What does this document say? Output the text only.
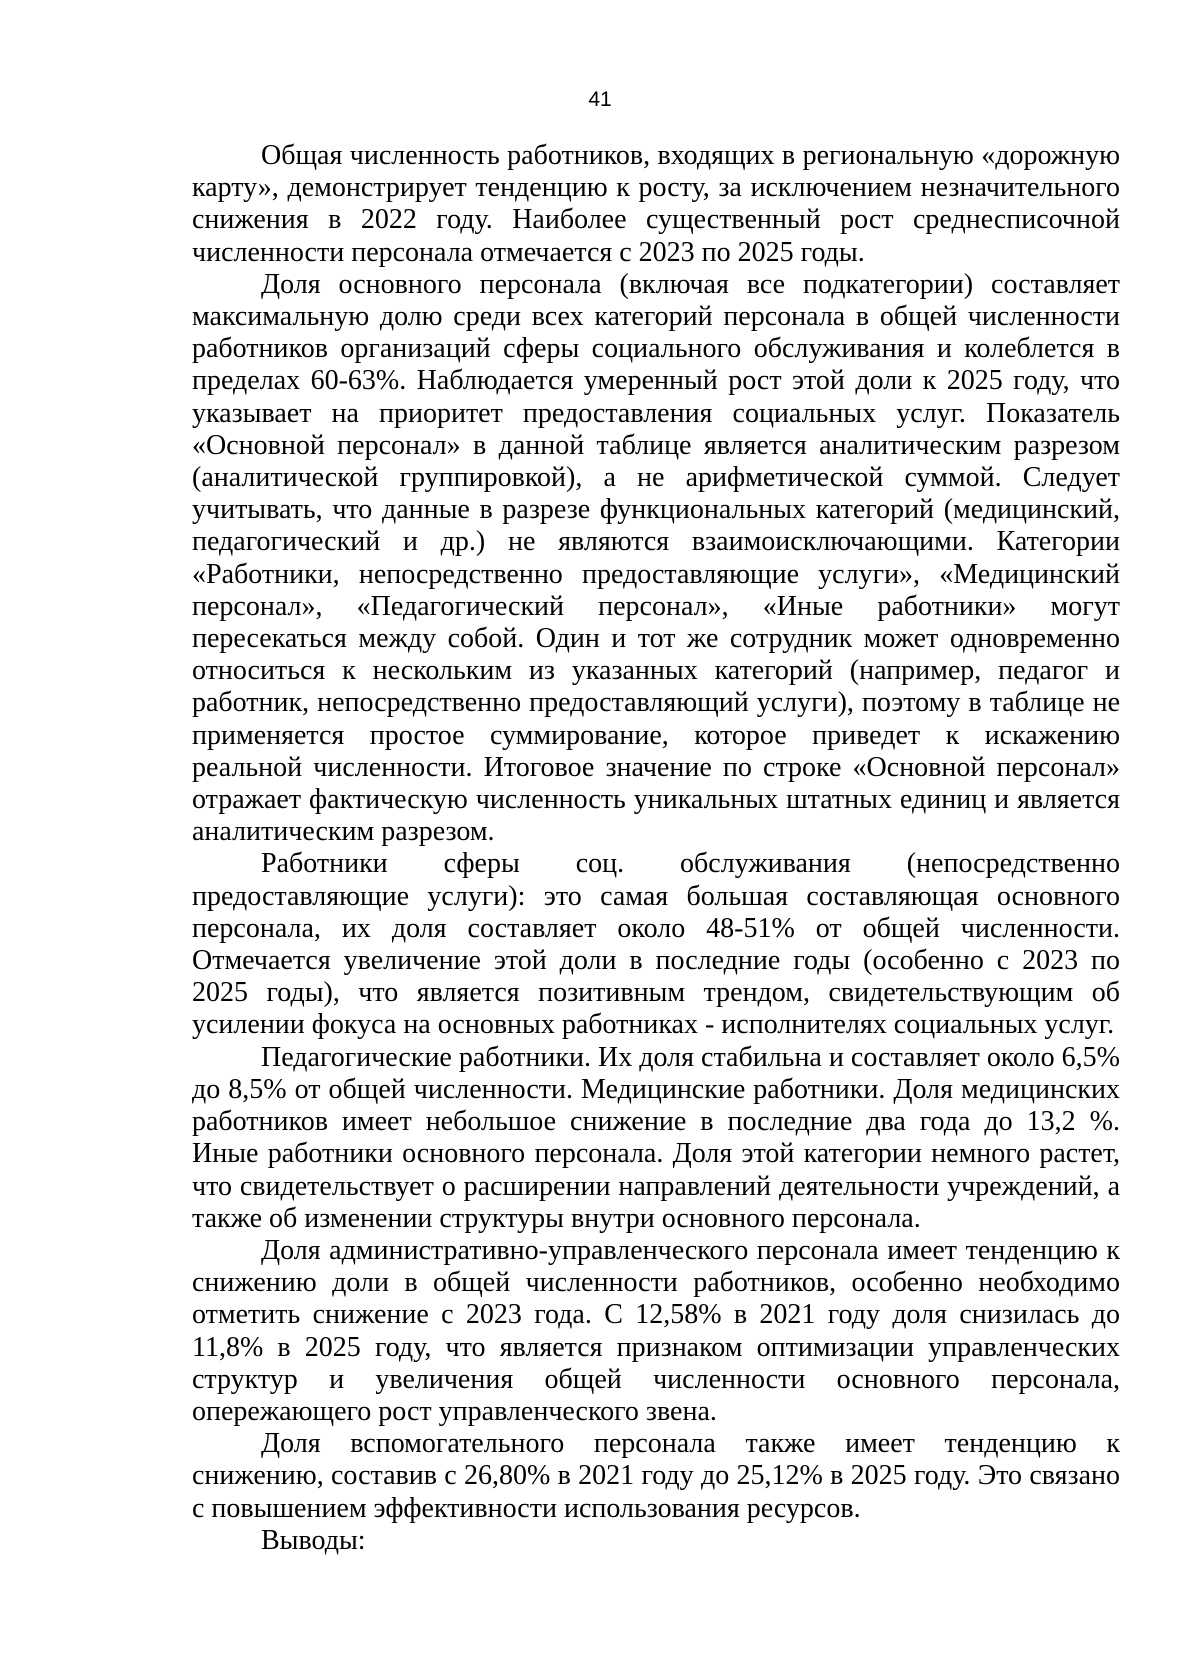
41

Общая численность работников, входящих в региональную «дорожную карту», демонстрирует тенденцию к росту, за исключением незначительного снижения в 2022 году. Наиболее существенный рост среднесписочной численности персонала отмечается с 2023 по 2025 годы.

Доля основного персонала (включая все подкатегории) составляет максимальную долю среди всех категорий персонала в общей численности работников организаций сферы социального обслуживания и колеблется в пределах 60-63%. Наблюдается умеренный рост этой доли к 2025 году, что указывает на приоритет предоставления социальных услуг. Показатель «Основной персонал» в данной таблице является аналитическим разрезом (аналитической группировкой), а не арифметической суммой. Следует учитывать, что данные в разрезе функциональных категорий (медицинский, педагогический и др.) не являются взаимоисключающими. Категории «Работники, непосредственно предоставляющие услуги», «Медицинский персонал», «Педагогический персонал», «Иные работники» могут пересекаться между собой. Один и тот же сотрудник может одновременно относиться к нескольким из указанных категорий (например, педагог и работник, непосредственно предоставляющий услуги), поэтому в таблице не применяется простое суммирование, которое приведет к искажению реальной численности. Итоговое значение по строке «Основной персонал» отражает фактическую численность уникальных штатных единиц и является аналитическим разрезом.

Работники сферы соц. обслуживания (непосредственно предоставляющие услуги): это самая большая составляющая основного персонала, их доля составляет около 48-51% от общей численности. Отмечается увеличение этой доли в последние годы (особенно с 2023 по 2025 годы), что является позитивным трендом, свидетельствующим об усилении фокуса на основных работниках - исполнителях социальных услуг.

Педагогические работники. Их доля стабильна и составляет около 6,5% до 8,5% от общей численности. Медицинские работники. Доля медицинских работников имеет небольшое снижение в последние два года до 13,2 %. Иные работники основного персонала. Доля этой категории немного растет, что свидетельствует о расширении направлений деятельности учреждений, а также об изменении структуры внутри основного персонала.

Доля административно-управленческого персонала имеет тенденцию к снижению доли в общей численности работников, особенно необходимо отметить снижение с 2023 года. С 12,58% в 2021 году доля снизилась до 11,8% в 2025 году, что является признаком оптимизации управленческих структур и увеличения общей численности основного персонала, опережающего рост управленческого звена.

Доля вспомогательного персонала также имеет тенденцию к снижению, составив с 26,80% в 2021 году до 25,12% в 2025 году. Это связано с повышением эффективности использования ресурсов.

Выводы:
